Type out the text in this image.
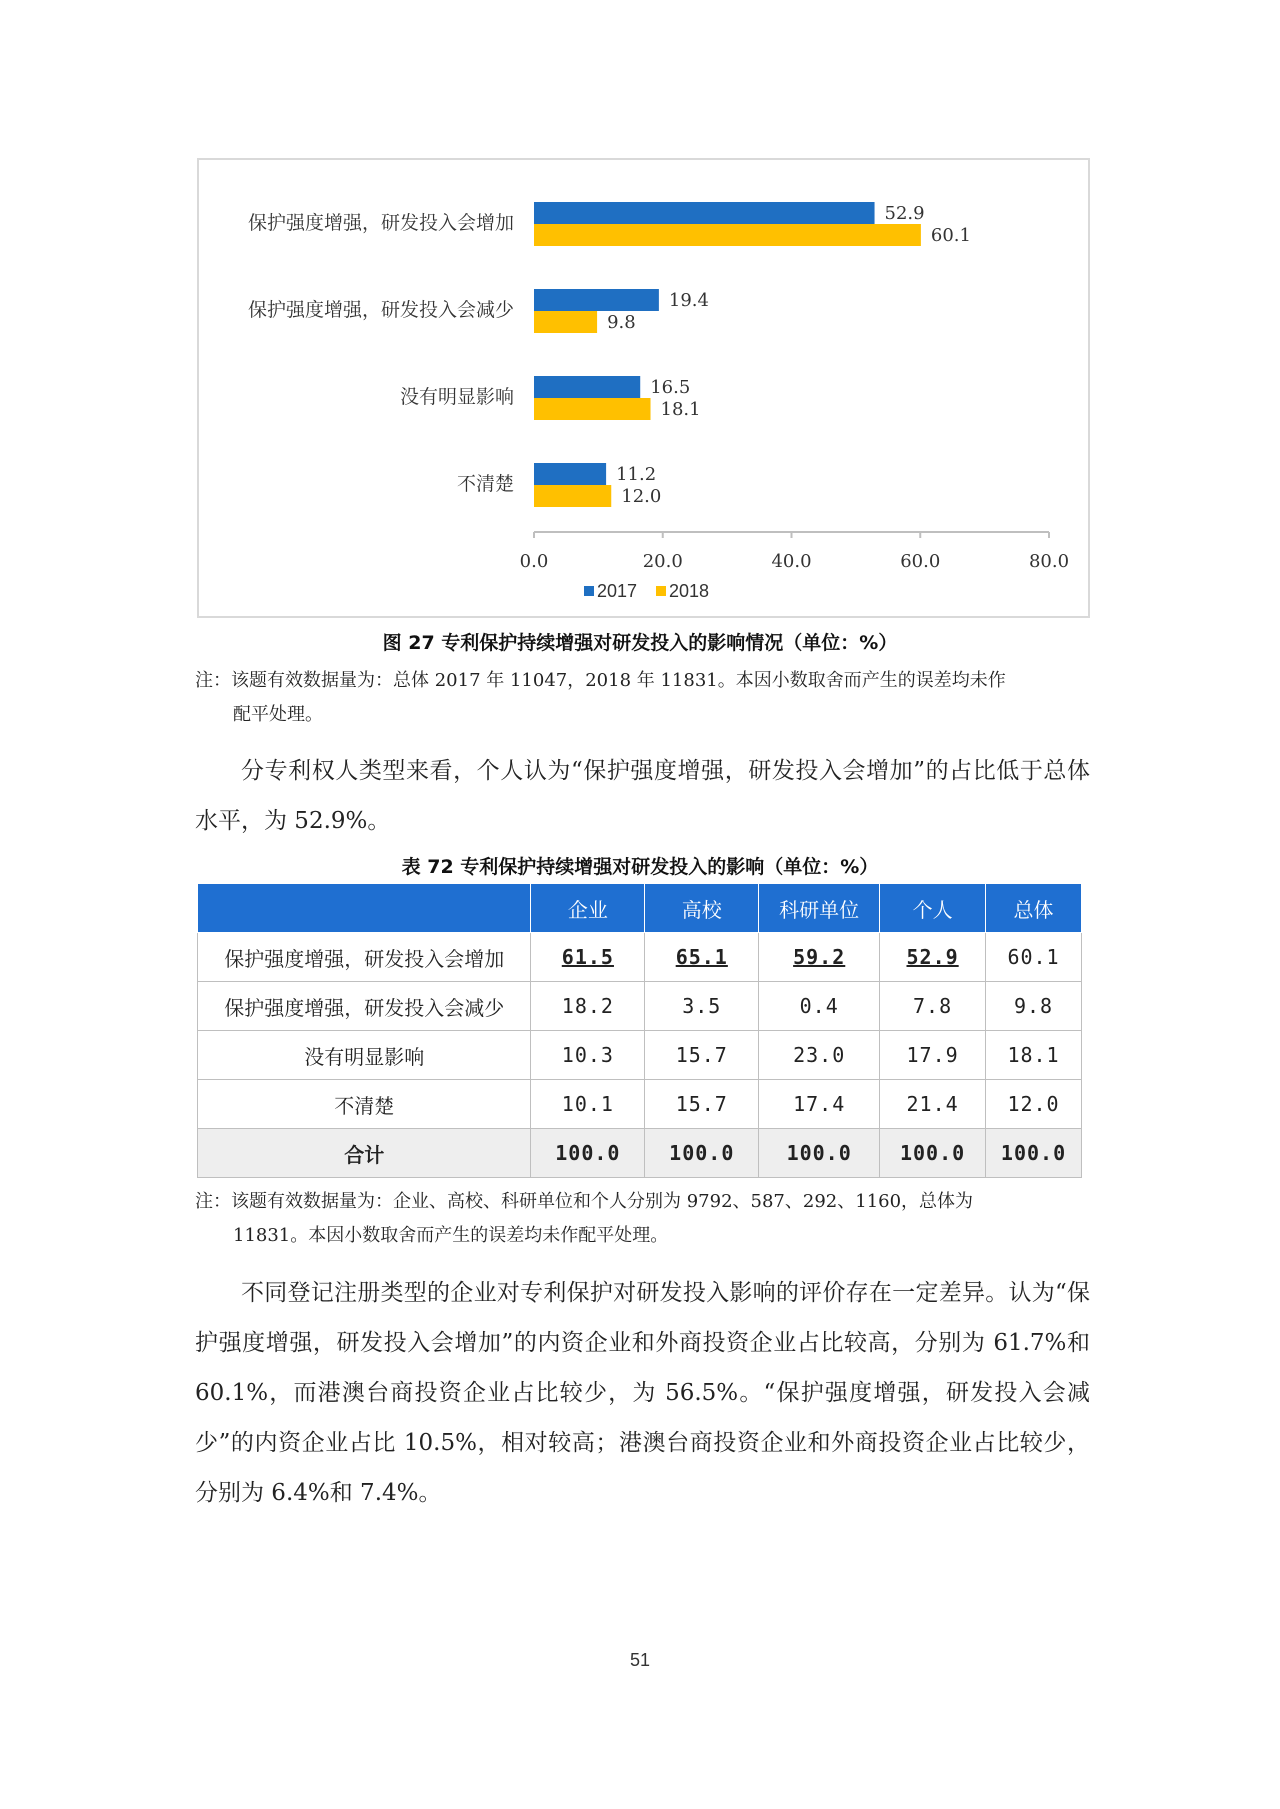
保护强度增强，研发投入会增加	52.9
60.1
保护强度增强，研发投入会减少	19.4
9.8
没有明显影响	16.5
18.1
不清楚	11.2
12.0
0.0	20.0	40.0	60.0	80.0
2017 2018
图 27 专利保护持续增强对研发投入的影响情况（单位：%）
注：该题有效数据量为：总体 2017 年 11047，2018 年 11831。本因小数取舍而产生的误差均未作
配平处理。

分专利权人类型来看，个人认为“保护强度增强，研发投入会增加”的占比低于总体水平，为 52.9%。

表 72 专利保护持续增强对研发投入的影响（单位：%）
	企业	高校	科研单位	个人	总体
保护强度增强，研发投入会增加	61.5	65.1	59.2	52.9	60.1
保护强度增强，研发投入会减少	18.2	3.5	0.4	7.8	9.8
没有明显影响	10.3	15.7	23.0	17.9	18.1
不清楚	10.1	15.7	17.4	21.4	12.0
合计	100.0	100.0	100.0	100.0	100.0
注：该题有效数据量为：企业、高校、科研单位和个人分别为 9792、587、292、1160，总体为
11831。本因小数取舍而产生的误差均未作配平处理。

不同登记注册类型的企业对专利保护对研发投入影响的评价存在一定差异。认为“保护强度增强，研发投入会增加”的内资企业和外商投资企业占比较高，分别为 61.7%和 60.1%，而港澳台商投资企业占比较少，为 56.5%。“保护强度增强，研发投入会减少”的内资企业占比 10.5%，相对较高；港澳台商投资企业和外商投资企业占比较少，分别为 6.4%和 7.4%。

51
